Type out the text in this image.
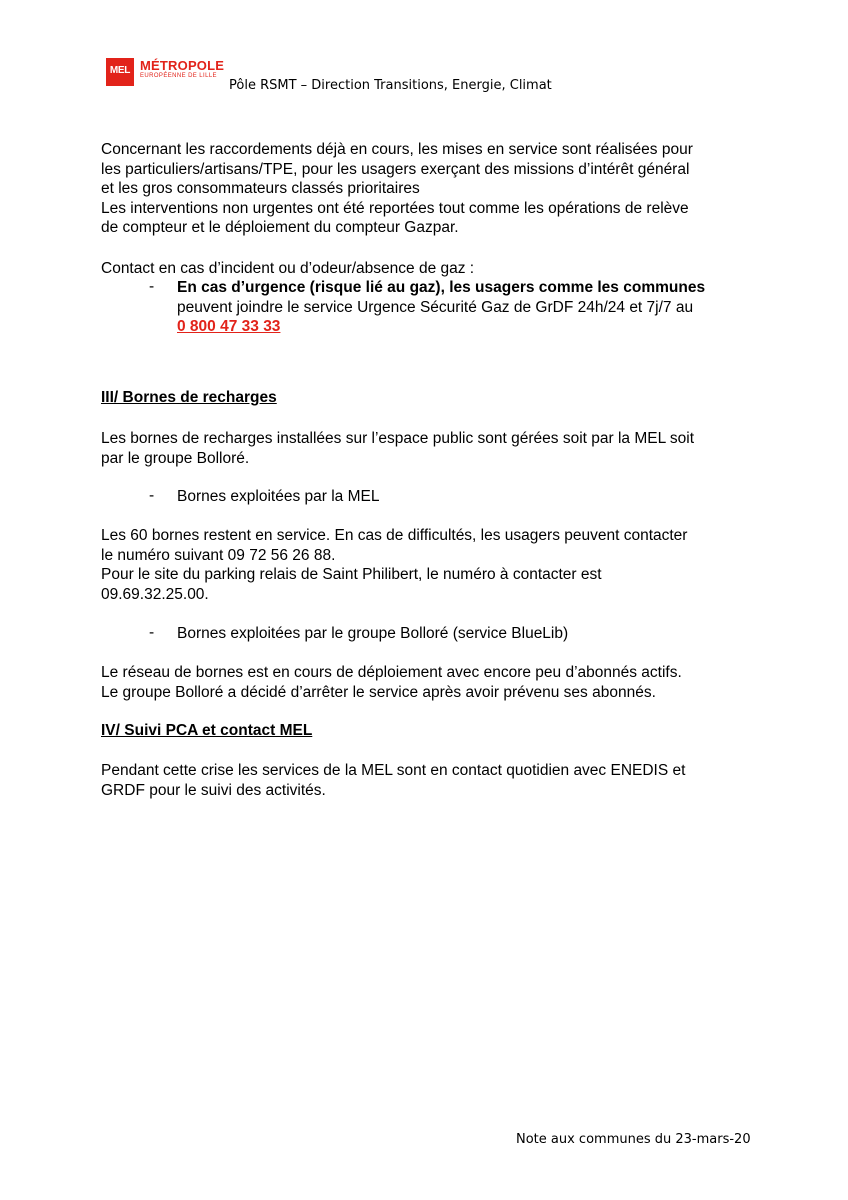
MEL MÉTROPOLE
EUROPÉENNE DE LILLE
Pôle RSMT – Direction Transitions, Energie, Climat
Concernant les raccordements déjà en cours, les mises en service sont réalisées pour
les particuliers/artisans/TPE, pour les usagers exerçant des missions d’intérêt général
et les gros consommateurs classés prioritaires
Les interventions non urgentes ont été reportées tout comme les opérations de relève
de compteur et le déploiement du compteur Gazpar.
Contact en cas d’incident ou d’odeur/absence de gaz :
- En cas d’urgence (risque lié au gaz), les usagers comme les communes
peuvent joindre le service Urgence Sécurité Gaz de GrDF 24h/24 et 7j/7 au
0 800 47 33 33
III/ Bornes de recharges
Les bornes de recharges installées sur l’espace public sont gérées soit par la MEL soit
par le groupe Bolloré.
- Bornes exploitées par la MEL
Les 60 bornes restent en service. En cas de difficultés, les usagers peuvent contacter
le numéro suivant 09 72 56 26 88.
Pour le site du parking relais de Saint Philibert, le numéro à contacter est
09.69.32.25.00.
- Bornes exploitées par le groupe Bolloré (service BlueLib)
Le réseau de bornes est en cours de déploiement avec encore peu d’abonnés actifs.
Le groupe Bolloré a décidé d’arrêter le service après avoir prévenu ses abonnés.
IV/ Suivi PCA et contact MEL
Pendant cette crise les services de la MEL sont en contact quotidien avec ENEDIS et
GRDF pour le suivi des activités.
Note aux communes du 23-mars-20
